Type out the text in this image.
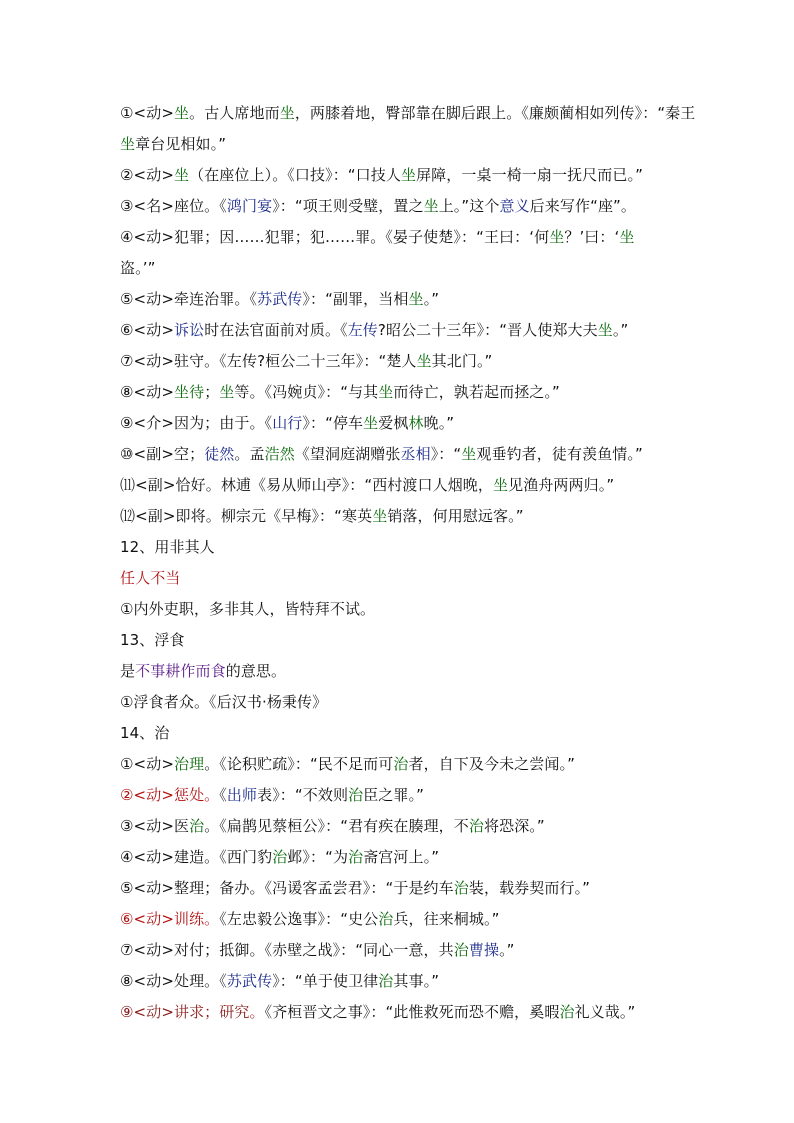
①<动>坐。古人席地而坐，两膝着地，臀部靠在脚后跟上。《廉颇蔺相如列传》：“秦王
坐章台见相如。”
②<动>坐（在座位上）。《口技》：“口技人坐屏障，一桌一椅一扇一抚尺而已。”
③<名>座位。《鸿门宴》：“项王则受璧，置之坐上。”这个意义后来写作“座”。
④<动>犯罪；因……犯罪；犯……罪。《晏子使楚》：“王曰：‘何坐？’曰：‘坐
盗。’”
⑤<动>牵连治罪。《苏武传》：“副罪，当相坐。”
⑥<动>诉讼时在法官面前对质。《左传?昭公二十三年》：“晋人使郑大夫坐。”
⑦<动>驻守。《左传?桓公二十三年》：“楚人坐其北门。”
⑧<动>坐待；坐等。《冯婉贞》：“与其坐而待亡，孰若起而拯之。”
⑨<介>因为；由于。《山行》：“停车坐爱枫林晚。”
⑩<副>空；徒然。孟浩然《望洞庭湖赠张丞相》：“坐观垂钓者，徒有羡鱼情。”
⑾<副>恰好。林逋《易从师山亭》：“西村渡口人烟晚，坐见渔舟两两归。”
⑿<副>即将。柳宗元《早梅》：“寒英坐销落，何用慰远客。”
12、用非其人
任人不当
①内外吏职，多非其人，皆特拜不试。
13、浮食
是不事耕作而食的意思。
①浮食者众。《后汉书·杨秉传》
14、治
①<动>治理。《论积贮疏》：“民不足而可治者，自下及今未之尝闻。”
②<动>惩处。《出师表》：“不效则治臣之罪。”
③<动>医治。《扁鹊见蔡桓公》：“君有疾在腠理，不治将恐深。”
④<动>建造。《西门豹治邺》：“为治斋宫河上。”
⑤<动>整理；备办。《冯谖客孟尝君》：“于是约车治装，载券契而行。”
⑥<动>训练。《左忠毅公逸事》：“史公治兵，往来桐城。”
⑦<动>对付；抵御。《赤壁之战》：“同心一意，共治曹操。”
⑧<动>处理。《苏武传》：“单于使卫律治其事。”
⑨<动>讲求；研究。《齐桓晋文之事》：“此惟救死而恐不赡，奚暇治礼义哉。”
